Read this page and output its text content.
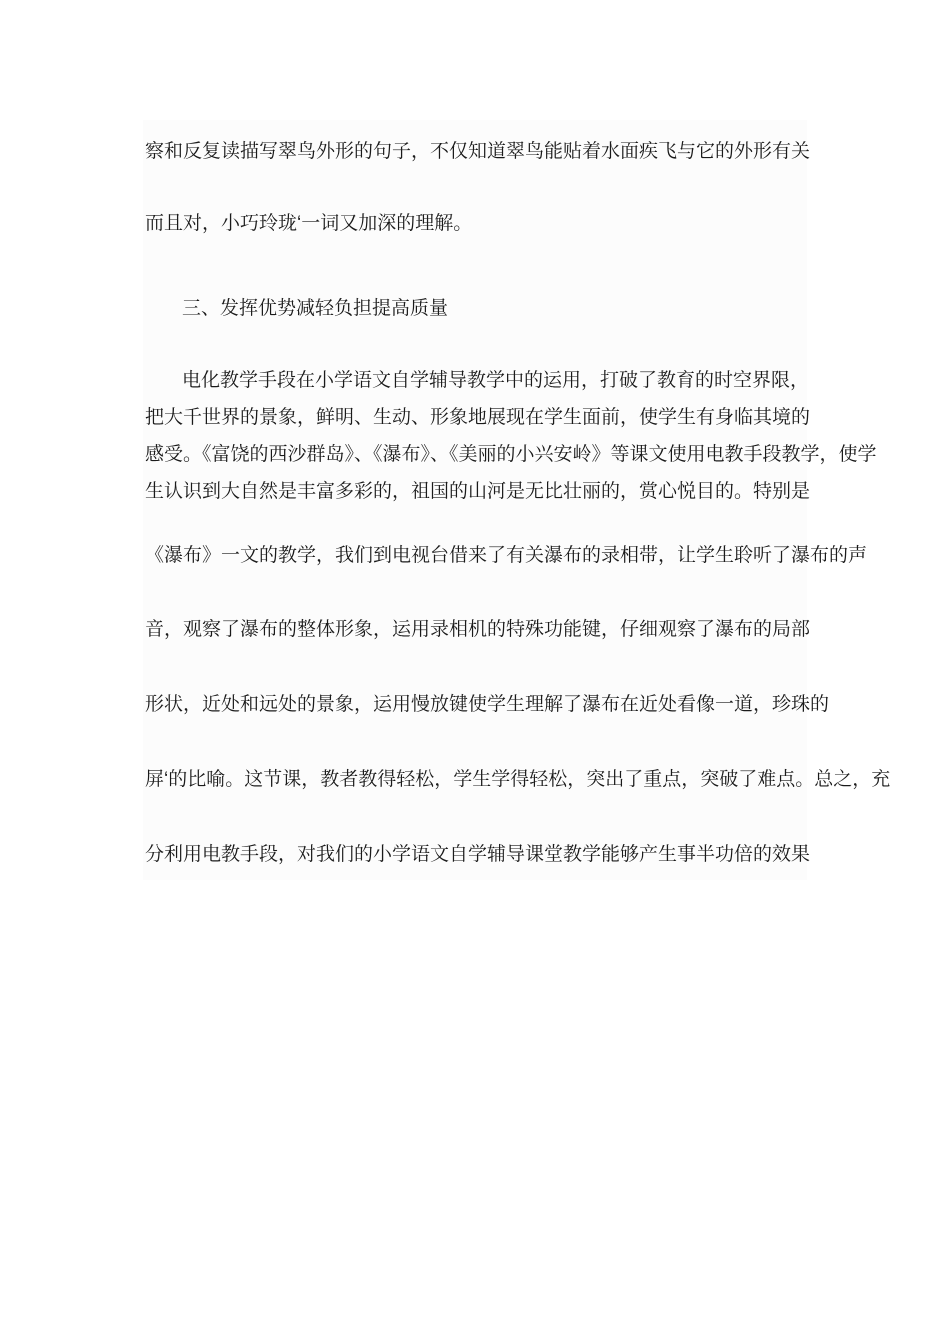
察和反复读描写翠鸟外形的句子，不仅知道翠鸟能贴着水面疾飞与它的外形有关
而且对，小巧玲珑‘一词又加深的理解。
三、发挥优势减轻负担提高质量
电化教学手段在小学语文自学辅导教学中的运用，打破了教育的时空界限，
把大千世界的景象，鲜明、生动、形象地展现在学生面前，使学生有身临其境的
感受。《富饶的西沙群岛》、《瀑布》、《美丽的小兴安岭》等课文使用电教手段教学，使学
生认识到大自然是丰富多彩的，祖国的山河是无比壮丽的，赏心悦目的。特别是
《瀑布》一文的教学，我们到电视台借来了有关瀑布的录相带，让学生聆听了瀑布的声
音，观察了瀑布的整体形象，运用录相机的特殊功能键，仔细观察了瀑布的局部
形状，近处和远处的景象，运用慢放键使学生理解了瀑布在近处看像一道，珍珠的
屏‘的比喻。这节课，教者教得轻松，学生学得轻松，突出了重点，突破了难点。总之，充
分利用电教手段，对我们的小学语文自学辅导课堂教学能够产生事半功倍的效果
